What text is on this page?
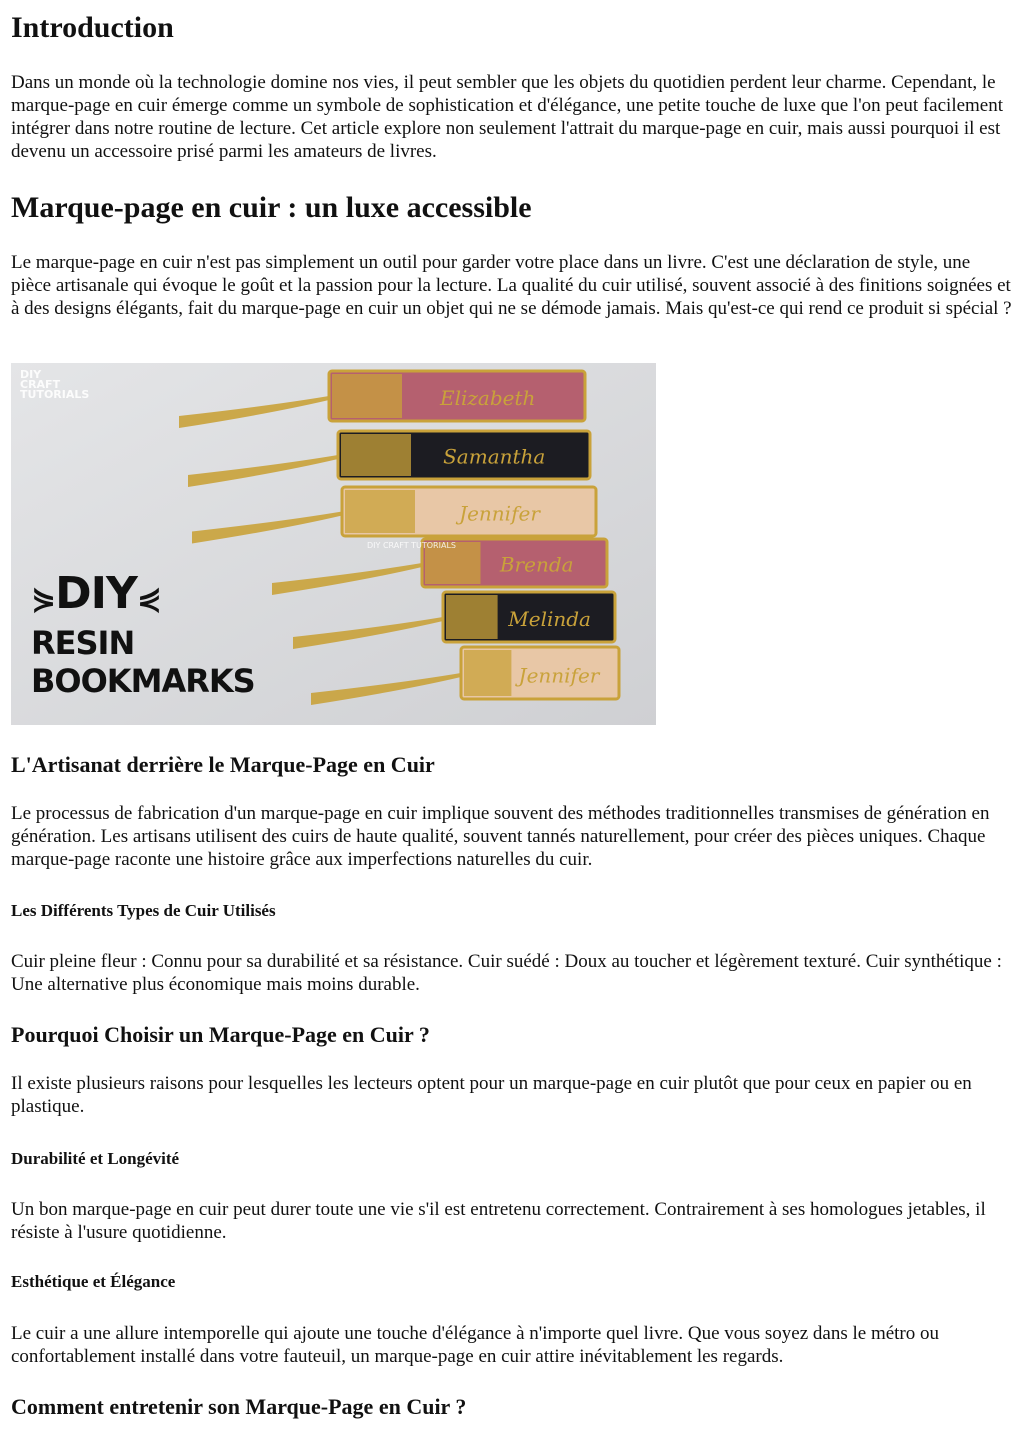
Introduction

Dans un monde où la technologie domine nos vies, il peut sembler que les objets du quotidien perdent leur charme. Cependant, le marque-page en cuir émerge comme un symbole de sophistication et d'élégance, une petite touche de luxe que l'on peut facilement intégrer dans notre routine de lecture. Cet article explore non seulement l'attrait du marque-page en cuir, mais aussi pourquoi il est devenu un accessoire prisé parmi les amateurs de livres.

Marque-page en cuir : un luxe accessible

Le marque-page en cuir n'est pas simplement un outil pour garder votre place dans un livre. C'est une déclaration de style, une pièce artisanale qui évoque le goût et la passion pour la lecture. La qualité du cuir utilisé, souvent associé à des finitions soignées et à des designs élégants, fait du marque-page en cuir un objet qui ne se démode jamais. Mais qu'est-ce qui rend ce produit si spécial ?

Elizabeth
Samantha
Jennifer
Brenda
Melinda
Jennifer
DIY CRAFT TUTORIALS
DIY
CRAFT
TUTORIALS
⋟DIY⋞
RESIN
BOOKMARKS
L'Artisanat derrière le Marque-Page en Cuir

Le processus de fabrication d'un marque-page en cuir implique souvent des méthodes traditionnelles transmises de génération en génération. Les artisans utilisent des cuirs de haute qualité, souvent tannés naturellement, pour créer des pièces uniques. Chaque marque-page raconte une histoire grâce aux imperfections naturelles du cuir.

Les Différents Types de Cuir Utilisés

Cuir pleine fleur : Connu pour sa durabilité et sa résistance. Cuir suédé : Doux au toucher et légèrement texturé. Cuir synthétique : Une alternative plus économique mais moins durable.

Pourquoi Choisir un Marque-Page en Cuir ?

Il existe plusieurs raisons pour lesquelles les lecteurs optent pour un marque-page en cuir plutôt que pour ceux en papier ou en plastique.

Durabilité et Longévité

Un bon marque-page en cuir peut durer toute une vie s'il est entretenu correctement. Contrairement à ses homologues jetables, il résiste à l'usure quotidienne.

Esthétique et Élégance

Le cuir a une allure intemporelle qui ajoute une touche d'élégance à n'importe quel livre. Que vous soyez dans le métro ou confortablement installé dans votre fauteuil, un marque-page en cuir attire inévitablement les regards.

Comment entretenir son Marque-Page en Cuir ?
